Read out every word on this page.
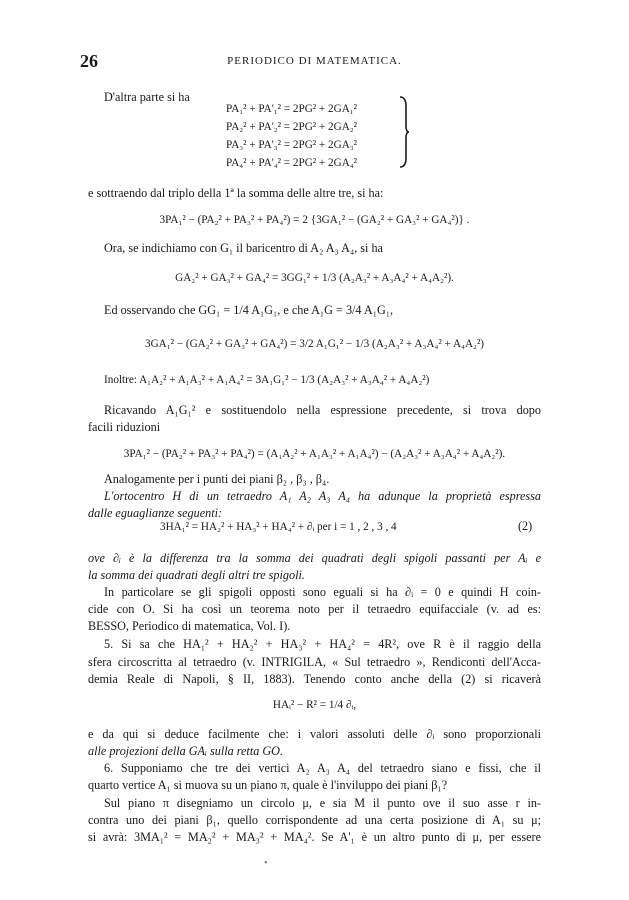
26	PERIODICO DI MATEMATICA.
D'altra parte si ha
PA₁² + PA'₁² = 2PG² + 2GA₁²
PA₂² + PA'₂² = 2PG² + 2GA₂²
PA₃² + PA'₃² = 2PG² + 2GA₃²
PA₄² + PA'₄² = 2PG² + 2GA₄²
e sottraendo dal triplo della 1ª la somma delle altre tre, si ha:
3PA₁² − (PA₂² + PA₃² + PA₄²) = 2 {3GA₁² − (GA₂² + GA₃² + GA₄²)} .
Ora, se indichiamo con G₁ il baricentro di A₂ A₃ A₄, si ha
GA₂² + GA₃² + GA₄² = 3GG₁² + 1/3 (A₂A₃² + A₃A₄² + A₄A₂²).
Ed osservando che GG₁ = 1/4 A₁G₁, e che A₁G = 3/4 A₁G₁,
3GA₁² − (GA₂² + GA₃² + GA₄²) = 3/2 A₁G₁² − 1/3 (A₂A₃² + A₃A₄² + A₄A₂²)
Inoltre: A₁A₂² + A₁A₃² + A₁A₄² = 3A₁G₁² − 1/3 (A₂A₃² + A₃A₄² + A₄A₂²)
Ricavando A₁G₁² e sostituendolo nella espressione precedente, si trova dopo
facili riduzioni
3PA₁² − (PA₂² + PA₃² + PA₄²) = (A₁A₂² + A₁A₃² + A₁A₄²) − (A₂A₃² + A₃A₄² + A₄A₂²).
Analogamente per i punti dei piani β₂ , β₃ , β₄.
L'ortocentro H di un tetraedro A₁ A₂ A₃ A₄ ha adunque la proprietà espressa
dalle eguaglianze seguenti:
3HA₁² = HA₂² + HA₃² + HA₄² + ∂ᵢ per i = 1 , 2 , 3 , 4	(2)
ove ∂ᵢ è la differenza tra la somma dei quadrati degli spigoli passanti per Aᵢ e
la somma dei quadrati degli altri tre spigoli.
In particolare se gli spigoli opposti sono eguali si ha ∂ᵢ = 0 e quindi H coin-
cide con O. Si ha così un teorema noto per il tetraedro equifacciale (v. ad es:
BESSO, Periodico di matematica, Vol. I).
5. Si sa che HA₁² + HA₂² + HA₃² + HA₄² = 4R², ove R è il raggio della
sfera circoscritta al tetraedro (v. INTRIGILA, « Sul tetraedro », Rendiconti dell'Acca-
demia Reale di Napoli, § II, 1883). Tenendo conto anche della (2) si ricaverà
HAᵢ² − R² = 1/4 ∂ᵢ,
e da qui si deduce facilmente che: i valori assoluti delle ∂ᵢ sono proporzionali
alle projezioni della GAᵢ sulla retta GO.
6. Supponiamo che tre dei vertici A₂ A₃ A₄ del tetraedro siano e fissi, che il
quarto vertice A₁ si muova su un piano π, quale è l'inviluppo dei piani β₁?
Sul piano π disegniamo un circolo μ, e sia M il punto ove il suo asse r in-
contra uno dei piani β₁, quello corrispondente ad una certa posizione di A₁ su μ;
si avrà: 3MA₁² = MA₂² + MA₃² + MA₄². Se A'₁ è un altro punto di μ, per essere
•
